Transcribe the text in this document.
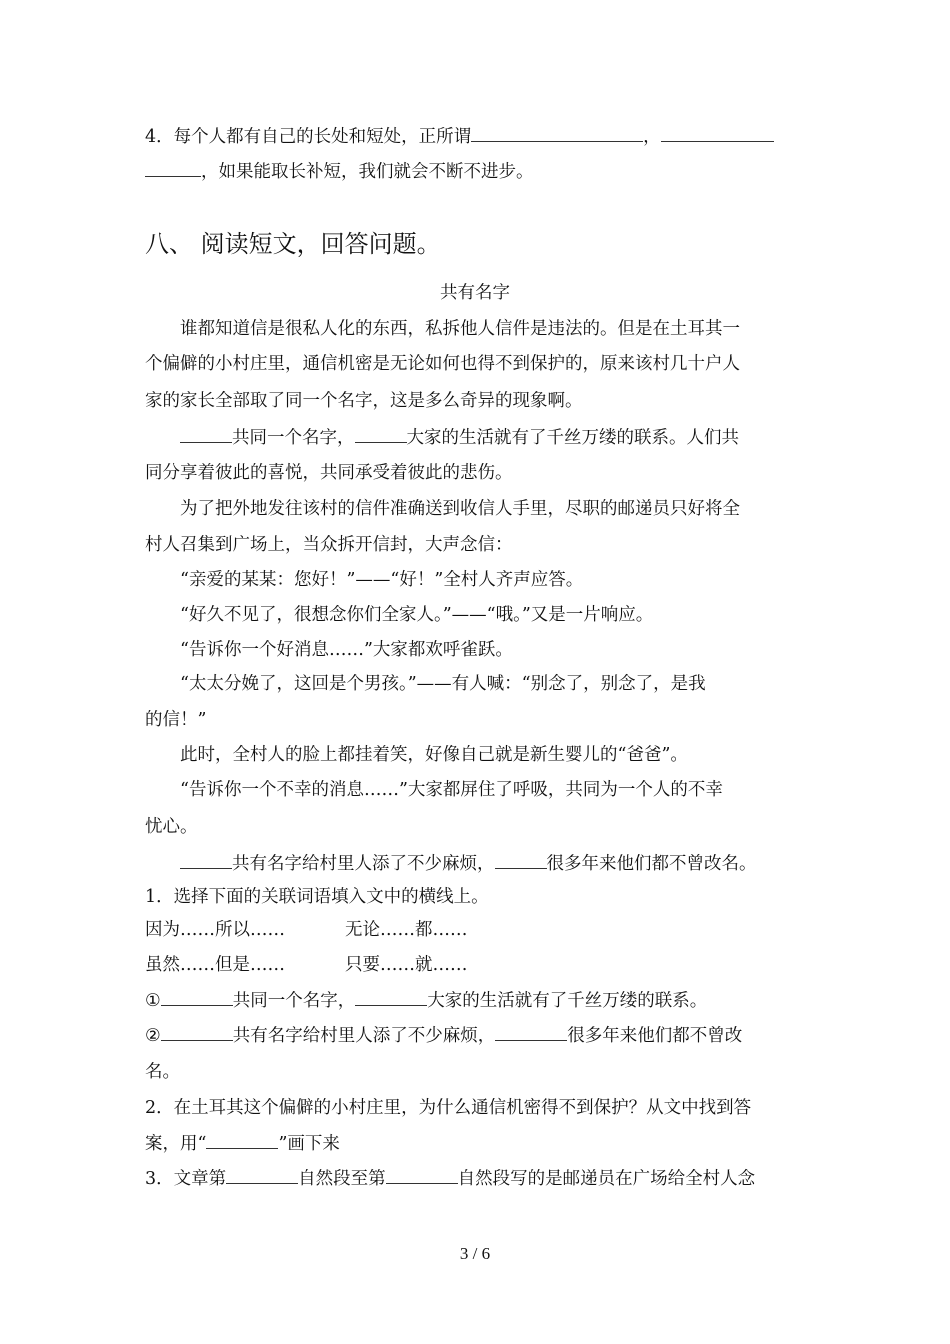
4．每个人都有自己的长处和短处，正所谓	，
，如果能取长补短，我们就会不断不进步。
八、 阅读短文，回答问题。
共有名字
谁都知道信是很私人化的东西，私拆他人信件是违法的。但是在土耳其一
个偏僻的小村庄里，通信机密是无论如何也得不到保护的，原来该村几十户人
家的家长全部取了同一个名字，这是多么奇异的现象啊。
共同一个名字，	大家的生活就有了千丝万缕的联系。人们共
同分享着彼此的喜悦，共同承受着彼此的悲伤。
为了把外地发往该村的信件准确送到收信人手里，尽职的邮递员只好将全
村人召集到广场上，当众拆开信封，大声念信：
“亲爱的某某：您好！”——“好！”全村人齐声应答。
“好久不见了，很想念你们全家人。”——“哦。”又是一片响应。
“告诉你一个好消息……”大家都欢呼雀跃。
“太太分娩了，这回是个男孩。”——有人喊：“别念了，别念了，是我
的信！”
此时，全村人的脸上都挂着笑，好像自己就是新生婴儿的“爸爸”。
“告诉你一个不幸的消息……”大家都屏住了呼吸，共同为一个人的不幸
忧心。
共有名字给村里人添了不少麻烦，	很多年来他们都不曾改名。
1．选择下面的关联词语填入文中的横线上。
因为……所以……	无论……都……
虽然……但是……	只要……就……
①	共同一个名字，	大家的生活就有了千丝万缕的联系。
②	共有名字给村里人添了不少麻烦，	很多年来他们都不曾改
名。
2．在土耳其这个偏僻的小村庄里，为什么通信机密得不到保护？从文中找到答
案，用“	”画下来
3．文章第	自然段至第	自然段写的是邮递员在广场给全村人念
3 / 6
